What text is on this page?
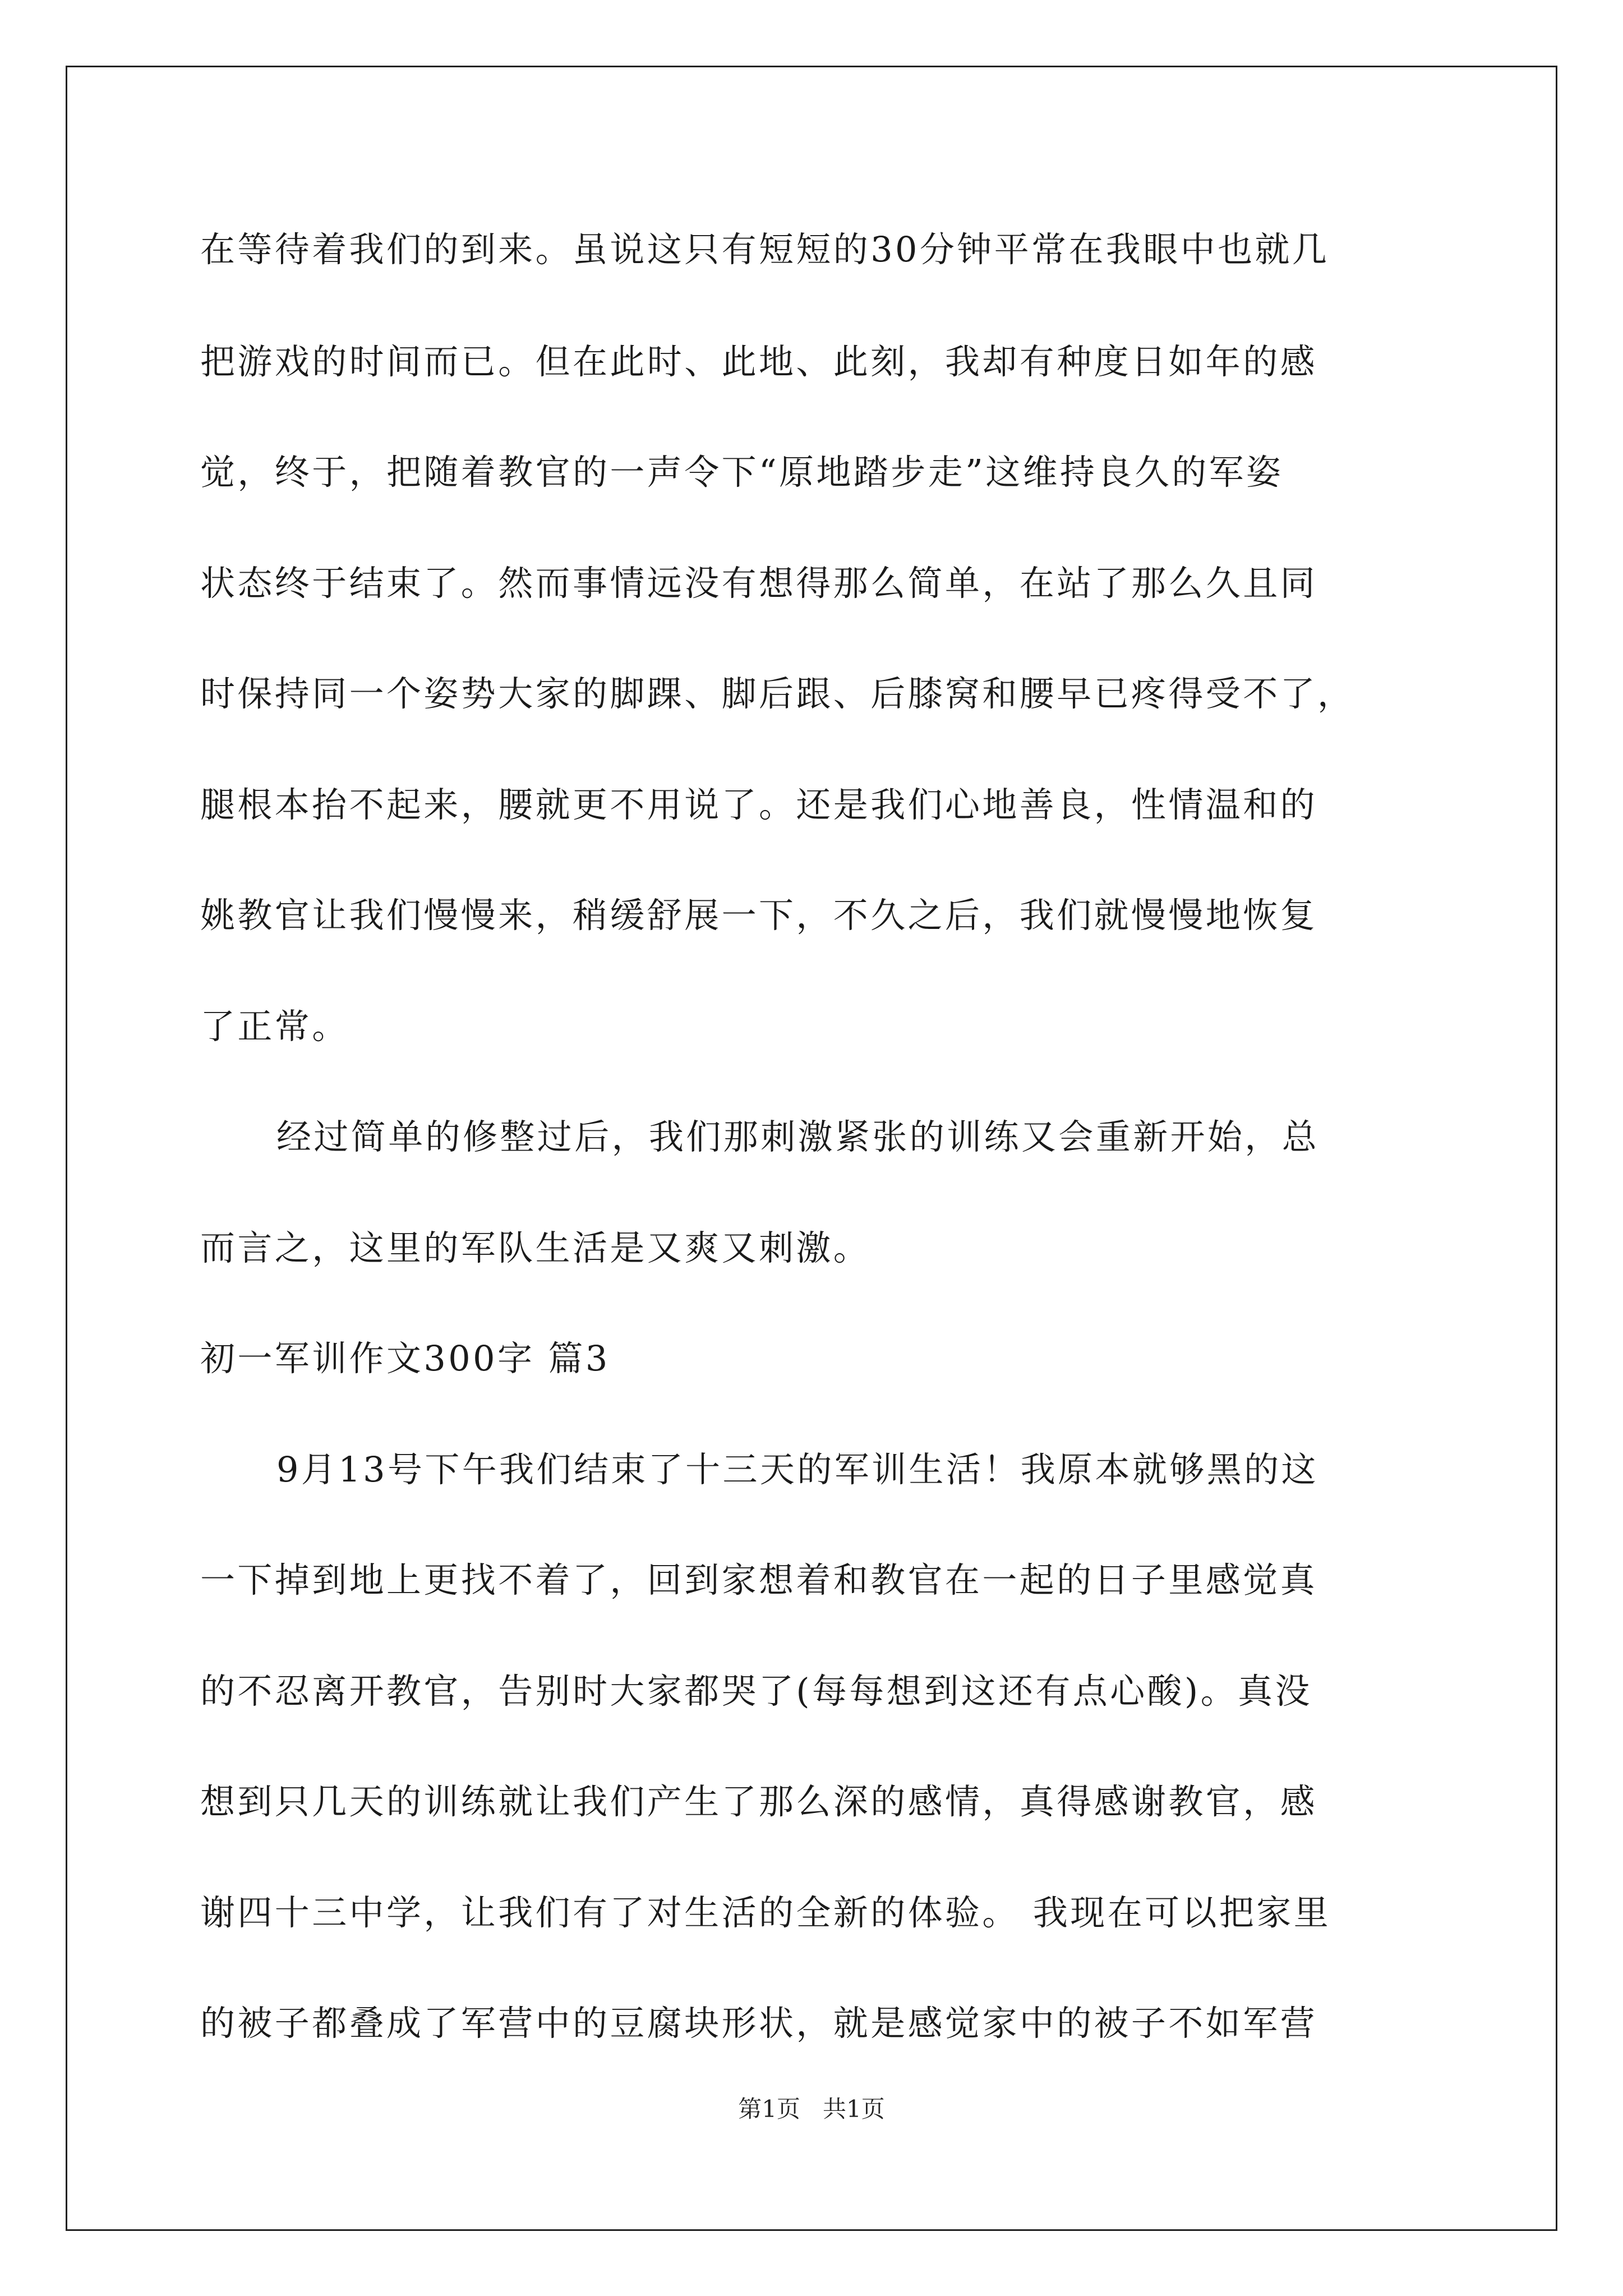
在等待着我们的到来。虽说这只有短短的30分钟平常在我眼中也就几
把游戏的时间而已。但在此时、此地、此刻，我却有种度日如年的感
觉，终于，把随着教官的一声令下“原地踏步走”这维持良久的军姿
状态终于结束了。然而事情远没有想得那么简单，在站了那么久且同
时保持同一个姿势大家的脚踝、脚后跟、后膝窝和腰早已疼得受不了，
腿根本抬不起来，腰就更不用说了。还是我们心地善良，性情温和的
姚教官让我们慢慢来，稍缓舒展一下，不久之后，我们就慢慢地恢复
了正常。
经过简单的修整过后，我们那刺激紧张的训练又会重新开始，总
而言之，这里的军队生活是又爽又刺激。
初一军训作文300字 篇3
9月13号下午我们结束了十三天的军训生活！我原本就够黑的这
一下掉到地上更找不着了，回到家想着和教官在一起的日子里感觉真
的不忍离开教官，告别时大家都哭了(每每想到这还有点心酸)。真没
想到只几天的训练就让我们产生了那么深的感情，真得感谢教官，感
谢四十三中学，让我们有了对生活的全新的体验。 我现在可以把家里
的被子都叠成了军营中的豆腐块形状，就是感觉家中的被子不如军营
第1页   共1页
